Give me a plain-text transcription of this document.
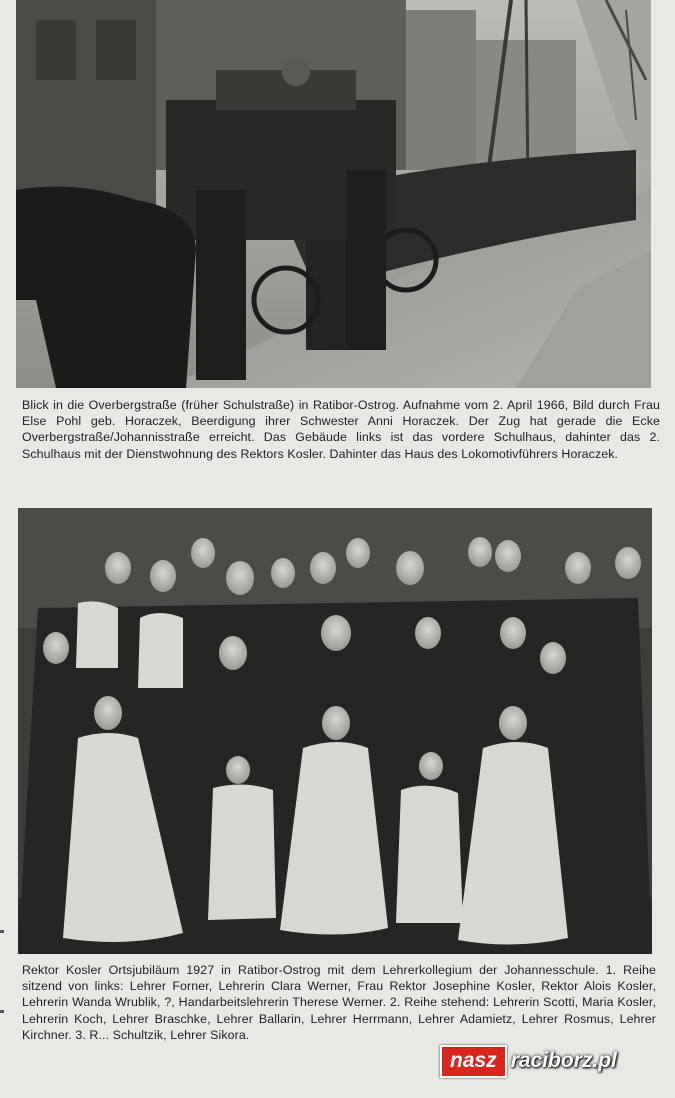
Blick in die Overbergstraße (früher Schulstraße) in Ratibor-Ostrog. Aufnahme vom 2. April 1966, Bild durch Frau Else Pohl geb. Horaczek, Beerdigung ihrer Schwester Anni Horaczek. Der Zug hat gerade die Ecke Overbergstraße/Johannisstraße erreicht. Das Gebäude links ist das vordere Schulhaus, dahinter das 2. Schulhaus mit der Dienstwohnung des Rektors Kosler. Dahinter das Haus des Lokomotivführers Horaczek.
Rektor Kosler Ortsjubiläum 1927 in Ratibor-Ostrog mit dem Lehrerkollegium der Johannesschule. 1. Reihe sitzend von links: Lehrer Forner, Lehrerin Clara Werner, Frau Rektor Josephine Kosler, Rektor Alois Kosler, Lehrerin Wanda Wrublik, ?, Handarbeitslehrerin Therese Werner. 2. Reihe stehend: Lehrerin Scotti, Maria Kosler, Lehrerin Koch, Lehrer Braschke, Lehrer Ballarin, Lehrer Herrmann, Lehrer Adamietz, Lehrer Rosmus, Lehrer Kirchner. 3. R... Schultzik, Lehrer Sikora.
nasz raciborz.pl
